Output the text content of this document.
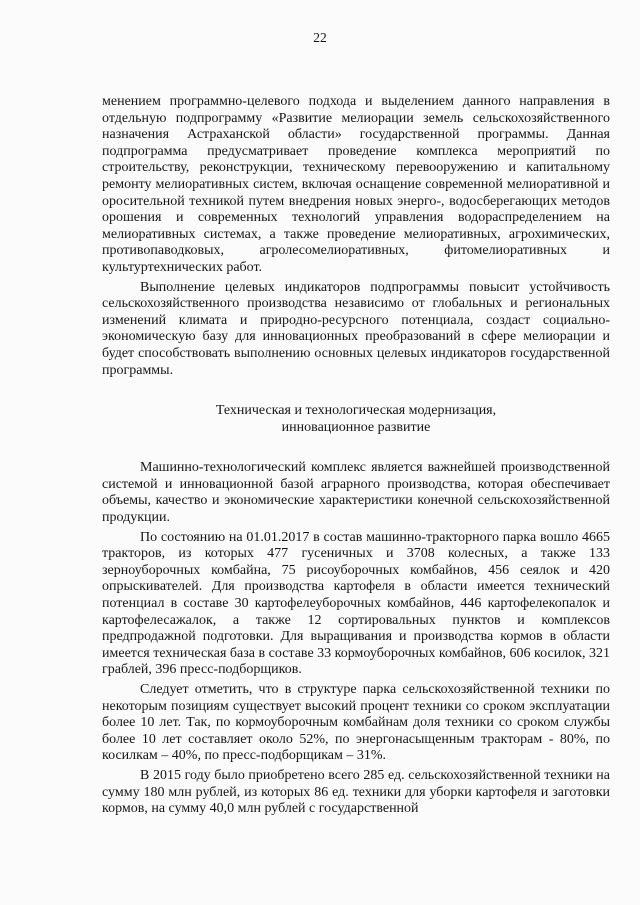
22

менением программно-целевого подхода и выделением данного направления в отдельную подпрограмму «Развитие мелиорации земель сельскохозяйственного назначения Астраханской области» государственной программы. Данная подпрограмма предусматривает проведение комплекса мероприятий по строительству, реконструкции, техническому перевооружению и капитальному ремонту мелиоративных систем, включая оснащение современной мелиоративной и оросительной техникой путем внедрения новых энерго-, водосберегающих методов орошения и современных технологий управления водораспределением на мелиоративных системах, а также проведение мелиоративных, агрохимических, противопаводковых, агролесомелиоративных, фитомелиоративных и культуртехнических работ.

Выполнение целевых индикаторов подпрограммы повысит устойчивость сельскохозяйственного производства независимо от глобальных и региональных изменений климата и природно-ресурсного потенциала, создаст социально-экономическую базу для инновационных преобразований в сфере мелиорации и будет способствовать выполнению основных целевых индикаторов государственной программы.

Техническая и технологическая модернизация,
инновационное развитие

Машинно-технологический комплекс является важнейшей производственной системой и инновационной базой аграрного производства, которая обеспечивает объемы, качество и экономические характеристики конечной сельскохозяйственной продукции.

По состоянию на 01.01.2017 в состав машинно-тракторного парка вошло 4665 тракторов, из которых 477 гусеничных и 3708 колесных, а также 133 зерноуборочных комбайна, 75 рисоуборочных комбайнов, 456 сеялок и 420 опрыскивателей. Для производства картофеля в области имеется технический потенциал в составе 30 картофелеуборочных комбайнов, 446 картофелекопалок и картофелесажалок, а также 12 сортировальных пунктов и комплексов предпродажной подготовки. Для выращивания и производства кормов в области имеется техническая база в составе 33 кормоуборочных комбайнов, 606 косилок, 321 граблей, 396 пресс-подборщиков.

Следует отметить, что в структуре парка сельскохозяйственной техники по некоторым позициям существует высокий процент техники со сроком эксплуатации более 10 лет. Так, по кормоуборочным комбайнам доля техники со сроком службы более 10 лет составляет около 52%, по энергонасыщенным тракторам - 80%, по косилкам – 40%, по пресс-подборщикам – 31%.

В 2015 году было приобретено всего 285 ед. сельскохозяйственной техники на сумму 180 млн рублей, из которых 86 ед. техники для уборки картофеля и заготовки кормов, на сумму 40,0 млн рублей с государственной
